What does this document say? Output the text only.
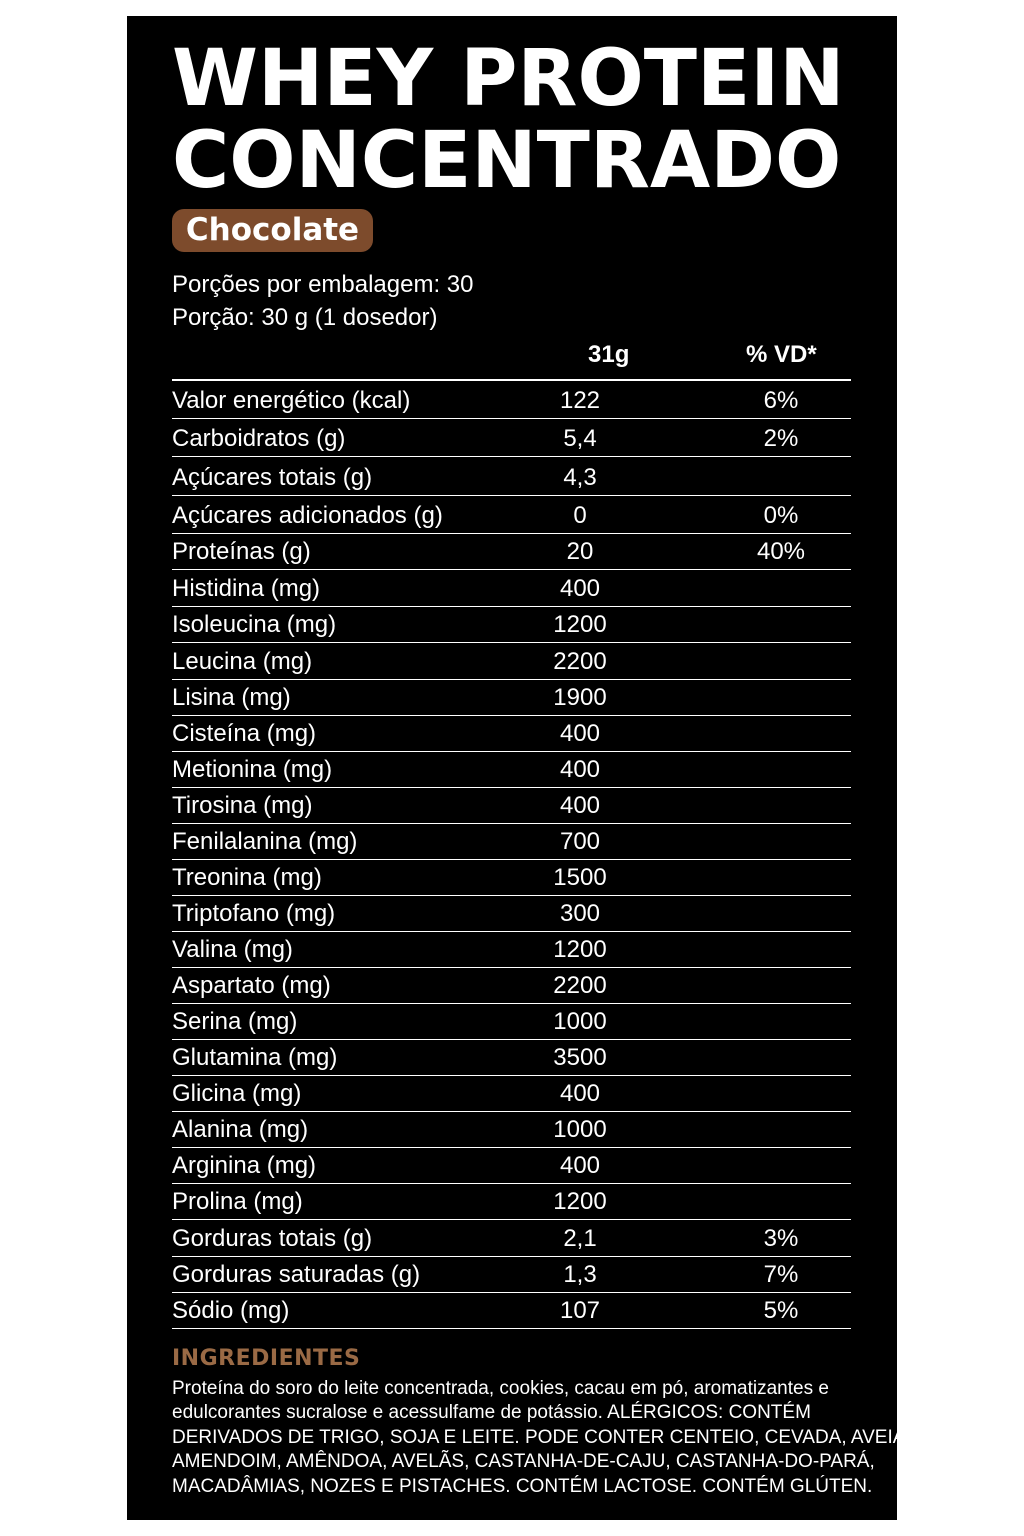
WHEY PROTEIN
CONCENTRADO
Chocolate
Porções por embalagem: 30
Porção: 30 g (1 dosedor)
31g	% VD*
Valor energético (kcal)	122	6%
Carboidratos (g)	5,4	2%
Açúcares totais (g)	4,3
Açúcares adicionados (g)	0	0%
Proteínas (g)	20	40%
Histidina (mg)	400
Isoleucina (mg)	1200
Leucina (mg)	2200
Lisina (mg)	1900
Cisteína (mg)	400
Metionina (mg)	400
Tirosina (mg)	400
Fenilalanina (mg)	700
Treonina (mg)	1500
Triptofano (mg)	300
Valina (mg)	1200
Aspartato (mg)	2200
Serina (mg)	1000
Glutamina (mg)	3500
Glicina (mg)	400
Alanina (mg)	1000
Arginina (mg)	400
Prolina (mg)	1200
Gorduras totais (g)	2,1	3%
Gorduras saturadas (g)	1,3	7%
Sódio (mg)	107	5%
INGREDIENTES

Proteína do soro do leite concentrada, cookies, cacau em pó, aromatizantes e
edulcorantes sucralose e acessulfame de potássio. ALÉRGICOS: CONTÉM
DERIVADOS DE TRIGO, SOJA E LEITE. PODE CONTER CENTEIO, CEVADA, AVEIA,
AMENDOIM, AMÊNDOA, AVELÃS, CASTANHA-DE-CAJU, CASTANHA-DO-PARÁ,
MACADÂMIAS, NOZES E PISTACHES. CONTÉM LACTOSE. CONTÉM GLÚTEN.
